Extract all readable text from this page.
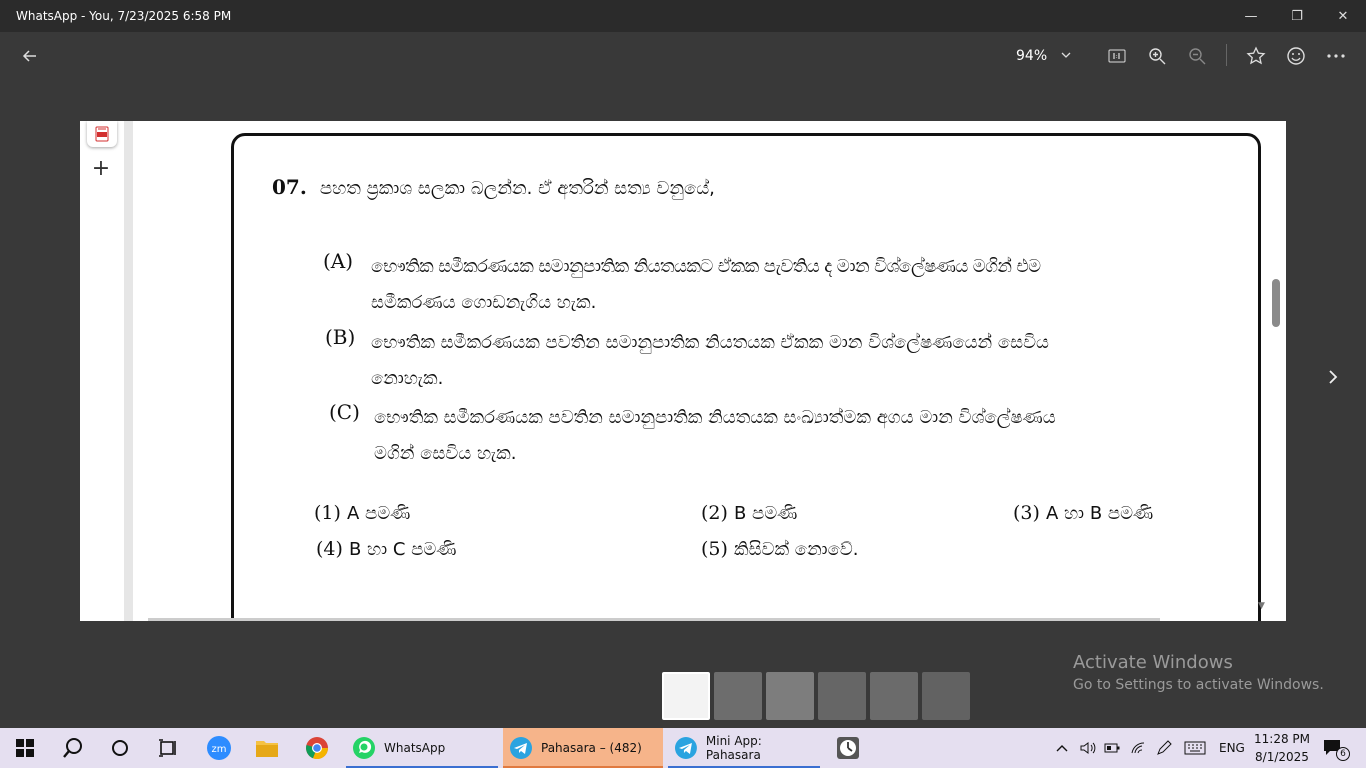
WhatsApp - You, 7/23/2025 6:58 PM	—	❐	✕
94%
+
07. පහත ප්‍රකාශ සලකා බලන්න. ඒ අතරින් සත්‍ය වනුයේ,
(A) භෞතික සමීකරණයක සමානුපාතික නියතයකට ඒකක පැවතිය ද මාන විශ්ලේෂණය මගින් එම
සමීකරණය ගොඩනැගිය හැක.
(B) භෞතික සමීකරණයක පවතින සමානුපාතික නියතයක ඒකක මාන විශ්ලේෂණයෙන් සෙවිය
නොහැක.
(C) භෞතික සමීකරණයක පවතින සමානුපාතික නියතයක සංඛ්‍යාත්මක අගය මාන විශ්ලේෂණය
මගින් සෙවිය හැක.
(1) A පමණි	(2) B පමණි	(3) A හා B පමණි
(4) B හා C පමණි	(5) කිසිවක් නොවේ.
▼
Activate Windows
Go to Settings to activate Windows.
zm	WhatsApp	Pahasara – (482)	Mini App: Pahasara	ENG
11:28 PM
8/1/2025	6
